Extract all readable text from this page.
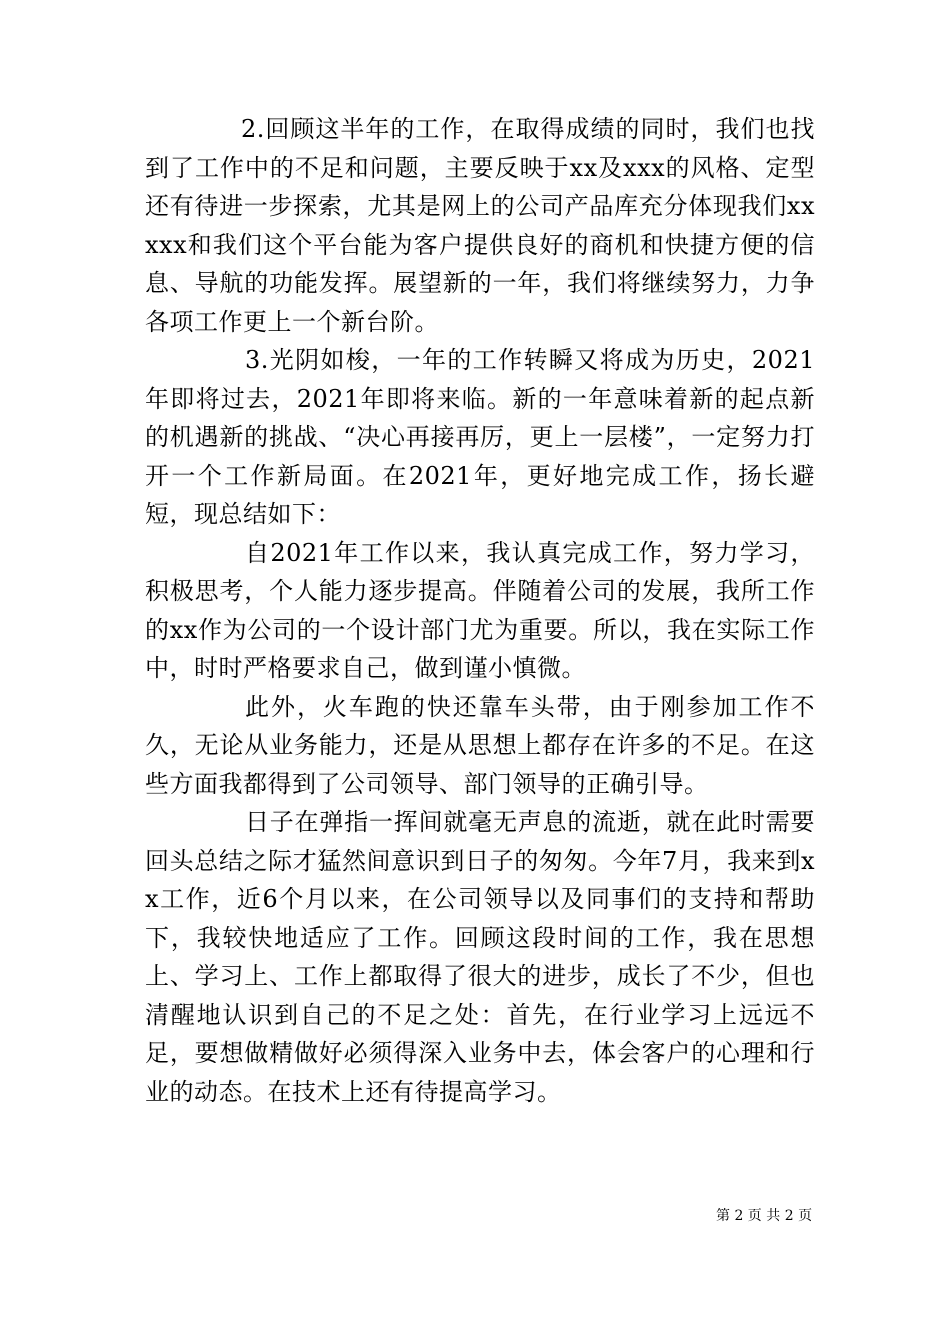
2.回顾这半年的工作，在取得成绩的同时，我们也找到了工作中的不足和问题，主要反映于xx及xxx的风格、定型还有待进一步探索，尤其是网上的公司产品库充分体现我们xxxxx和我们这个平台能为客户提供良好的商机和快捷方便的信息、导航的功能发挥。展望新的一年，我们将继续努力，力争各项工作更上一个新台阶。

3.光阴如梭，一年的工作转瞬又将成为历史，2021年即将过去，2021年即将来临。新的一年意味着新的起点新的机遇新的挑战、“决心再接再厉，更上一层楼”，一定努力打开一个工作新局面。在2021年，更好地完成工作，扬长避短，现总结如下：

自2021年工作以来，我认真完成工作，努力学习，积极思考，个人能力逐步提高。伴随着公司的发展，我所工作的xx作为公司的一个设计部门尤为重要。所以，我在实际工作中，时时严格要求自己，做到谨小慎微。

此外，火车跑的快还靠车头带，由于刚参加工作不久，无论从业务能力，还是从思想上都存在许多的不足。在这些方面我都得到了公司领导、部门领导的正确引导。

日子在弹指一挥间就毫无声息的流逝，就在此时需要回头总结之际才猛然间意识到日子的匆匆。今年7月，我来到xx工作，近6个月以来，在公司领导以及同事们的支持和帮助下，我较快地适应了工作。回顾这段时间的工作，我在思想上、学习上、工作上都取得了很大的进步，成长了不少，但也清醒地认识到自己的不足之处：首先，在行业学习上远远不足，要想做精做好必须得深入业务中去，体会客户的心理和行业的动态。在技术上还有待提高学习。

第 2 页 共 2 页
